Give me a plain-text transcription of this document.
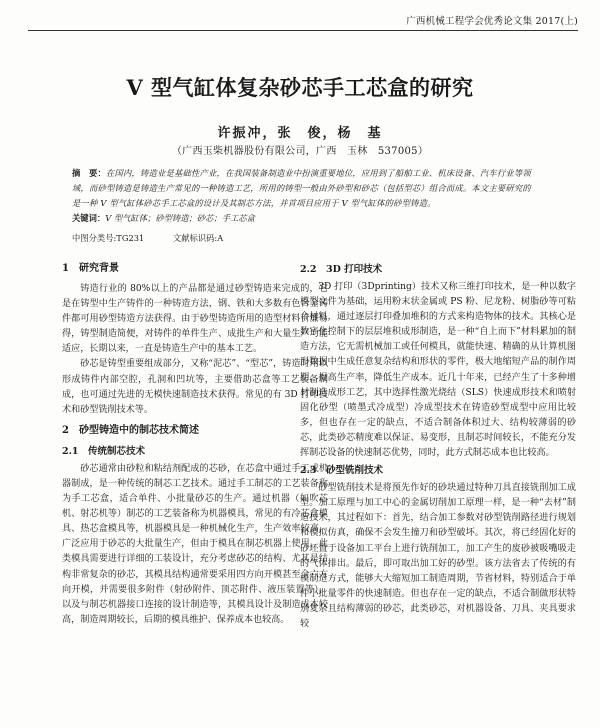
广西机械工程学会优秀论文集 2017(上)
V 型气缸体复杂砂芯手工芯盒的研究
许振冲，张　俊，杨　基
（广西玉柴机器股份有限公司，广西　玉林　537005）
摘　要：在国内，铸造业是基础性产业，在我国装备制造业中扮演重要地位，应用到了船舶工业、机床设备、汽车行业等领域，而砂型铸造是铸造生产常见的一种铸造工艺，所用的铸型一般由外砂型和砂芯（包括型芯）组合而成。本文主要研究的是一种 V 型气缸体砂芯手工芯盒的设计及其制芯方法，并首项目应用于 V 型气缸体的砂型铸造。
关键词：V 型气缸体；砂型铸造；砂芯；手工芯盒
中图分类号:TG231	文献标识码:A
1　研究背景

铸造行业的 80%以上的产品都是通过砂型铸造来完成的，它是在铸型中生产铸件的一种铸造方法，钢、铁和大多数有色合金铸件都可用砂型铸造方法获得。由于砂型铸造所用的造型材料价廉易得，铸型制造简便，对铸件的单件生产、成批生产和大量生产均能适应，长期以来，一直是铸造生产中的基本工艺。

砂芯是铸型重要组成部分，又称“泥芯”、“型芯”，铸造时用以形成铸件内部空腔，孔洞和凹坑等，主要借助芯盒等工艺装备制成，也可通过先进的无模快速制造技术获得。常见的有 3D 打印技术和砂型铣削技术等。

2　砂型铸造中的制芯技术简述
2.1　传统制芯技术

砂芯通常由砂粒和粘结剂配成的芯砂，在芯盒中通过手工或机器制成，是一种传统的制芯工艺技术。通过手工制芯的工艺装备称为手工芯盒，适合单件、小批量砂芯的生产。通过机器（如吹芯机、射芯机等）制芯的工艺装备称为机器模具，常见的有冷芯盒模具、热芯盒模具等，机器模具是一种机械化生产，生产效率较高，广泛应用于砂芯的大批量生产，但由于模具在制芯机器上使用，此类模具需要进行详细的工装设计，充分考虑砂芯的结构、尤其是结构非常复杂的砂芯，其模具结构通常要采用四方向开模甚至全六方向开模，并需要很多附件（射砂附件、顶芯附件、液压装置等），以及与制芯机器接口连接的设计制造等，其模具设计及制造成本较高，制造周期较长，后期的模具维护、保养成本也较高。

2.2　3D 打印技术

3D 打印（3Dprinting）技术又称三维打印技术，是一种以数字模型文件为基础，运用粉末状金属或 PS 粉、尼龙粉、树脂砂等可粘合材料，通过逐层打印叠加堆积的方式来构造物体的技术。其核心是数字化控制下的层层堆积成形制造，是一种“自上而下”材料累加的制造方法，它无需机械加工或任何模具，就能快速、精确的从计算机图形数据中生成任意复杂结构和形状的零件，极大地缩短产品的制作周期，提高生产率，降低生产成本。近几十年来，已经产生了十多种增材制造成形工艺，其中选择性激光烧结（SLS）快速成形技术和喷射固化砂型（喷墨式冷成型）冷成型技术在铸造砂型成型中应用比较多，但也存在一定的缺点，不适合制备体积过大、结构较薄弱的砂芯，此类砂芯精度难以保证、易变形，且制芯时间较长，不能充分发挥制芯设备的快速制芯优势，同时，此方式制芯成本也比较高。

2.3　砂型铣削技术

砂型铣削技术是将预先作好的砂块通过特种刀具直接铣削加工成型。加工原理与加工中心的金属切削加工原理一样，是一种“去材”制造技术，其过程如下：首先，结合加工参数对砂型铣削路径进行规划和模拟仿真，确保不会发生撞刀和砂型破坏。其次，将已经固化好的砂坯置于设备加工平台上进行铣削加工，加工产生的废砂被吸嘴吸走的气体排出。最后，即可取出加工好的砂型。该方法省去了传统的有模制造方式，能够大大缩短加工制造周期，节省材料，特别适合于单件小批量零件的快速制造。但也存在一定的缺点，不适合制做形状特别复杂且结构薄弱的砂芯，此类砂芯，对机器设备、刀具、夹具要求较
